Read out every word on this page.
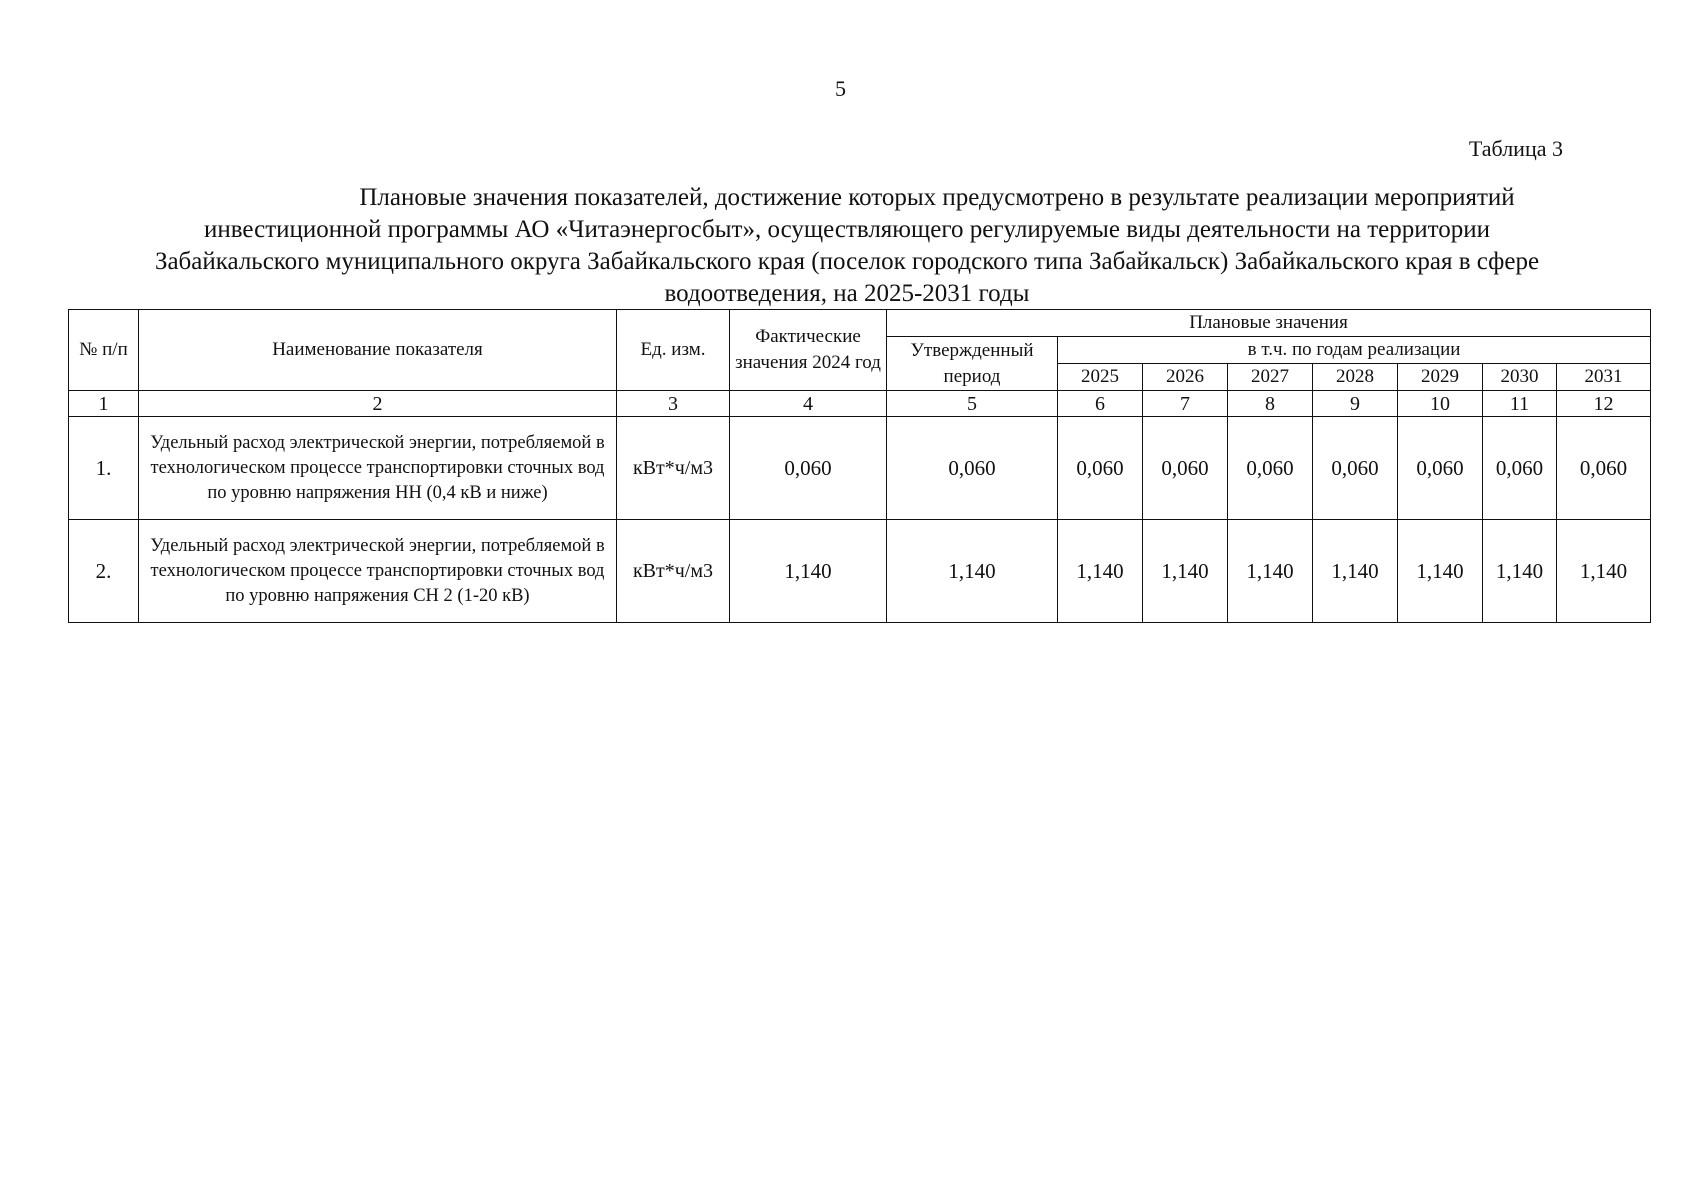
5
Таблица 3
Плановые значения показателей, достижение которых предусмотрено в результате реализации мероприятий
инвестиционной программы АО «Читаэнергосбыт», осуществляющего регулируемые виды деятельности на территории
Забайкальского муниципального округа Забайкальского края (поселок городского типа Забайкальск) Забайкальского края в сфере
водоотведения, на 2025-2031 годы
№ п/п	Наименование показателя	Ед. изм.	Фактические значения 2024 год	Плановые значения							
				Утвержденный период	в т.ч. по годам реализации						
					2025	2026	2027	2028	2029	2030	2031
1	2	3	4	5	6	7	8	9	10	11	12
1.	Удельный расход электрической энергии, потребляемой в технологическом процессе транспортировки сточных вод по уровню напряжения НН (0,4 кВ и ниже)	кВт*ч/м3	0,060	0,060	0,060	0,060	0,060	0,060	0,060	0,060	0,060
2.	Удельный расход электрической энергии, потребляемой в технологическом процессе транспортировки сточных вод по уровню напряжения СН 2 (1-20 кВ)	кВт*ч/м3	1,140	1,140	1,140	1,140	1,140	1,140	1,140	1,140	1,140
